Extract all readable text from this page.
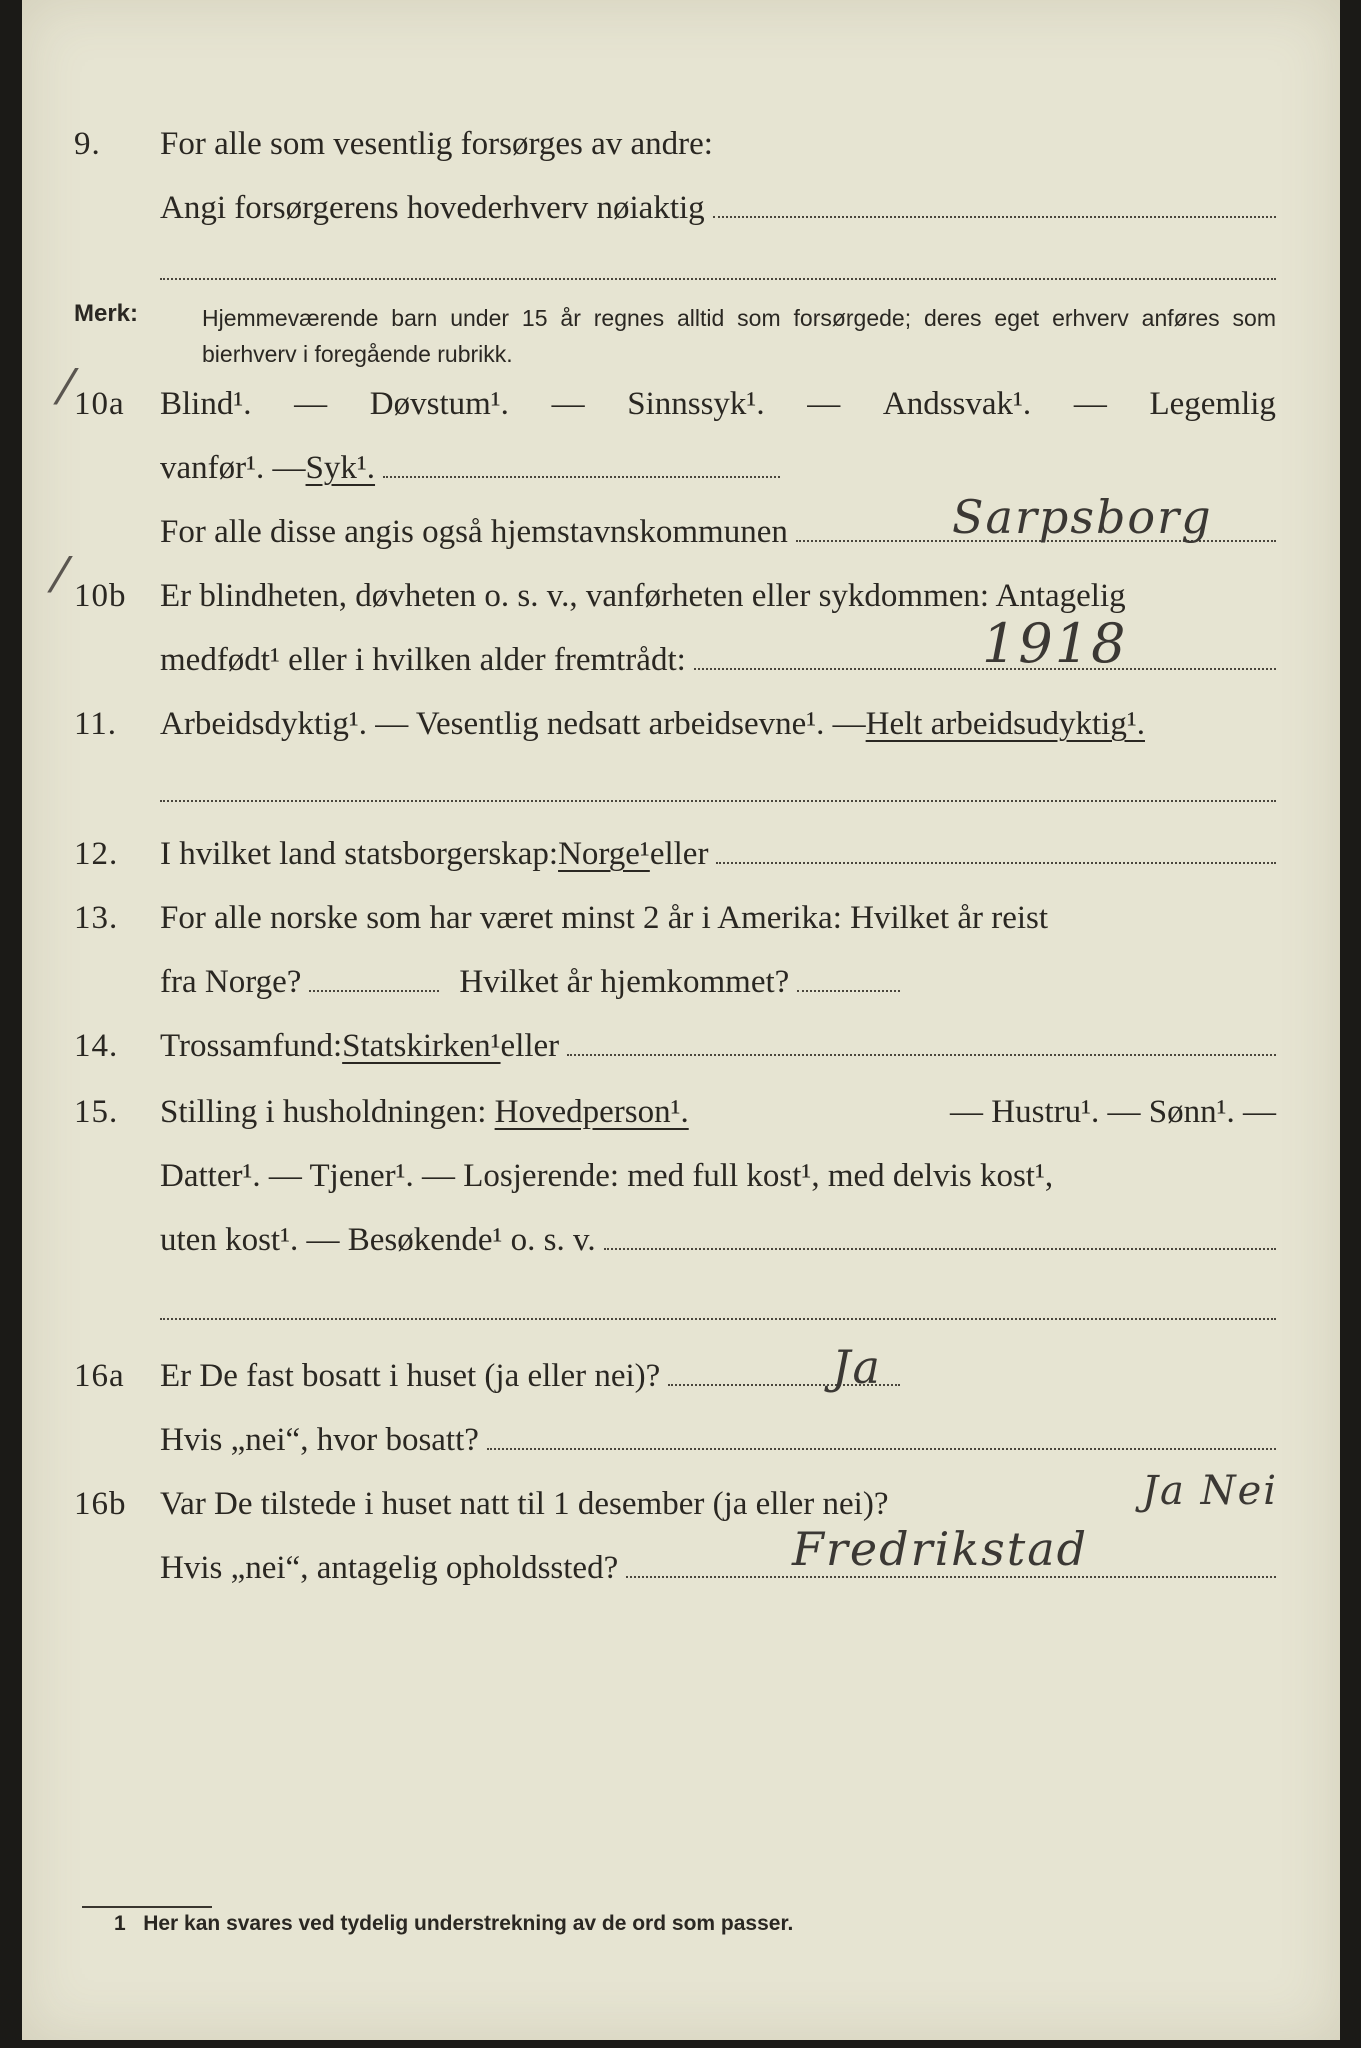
9. For alle som vesentlig forsørges av andre:
Angi forsørgerens hovederhverv nøiaktig
Merk:	Hjemmeværende barn under 15 år regnes alltid som forsørgede; deres eget erhverv anføres som bierhverv i foregående rubrikk.
10a Blind¹. — Døvstum¹. — Sinnssyk¹. — Andssvak¹. — Legemlig
vanfør¹. — Syk¹.
For alle disse angis også hjemstavnskommunen	Sarpsborg
10b Er blindheten, døvheten o. s. v., vanførheten eller sykdommen: Antagelig
medfødt¹ eller i hvilken alder fremtrådt:	1918
11. Arbeidsdyktig¹. — Vesentlig nedsatt arbeidsevne¹. — Helt arbeidsudyktig¹.
12. I hvilket land statsborgerskap: Norge¹ eller
13. For alle norske som har været minst 2 år i Amerika: Hvilket år reist
fra Norge?	Hvilket år hjemkommet?
14. Trossamfund: Statskirken¹ eller
15. Stilling i husholdningen: Hovedperson¹.	— Hustru¹. — Sønn¹. —
Datter¹. — Tjener¹. — Losjerende: med full kost¹, med delvis kost¹,
uten kost¹. — Besøkende¹ o. s. v.
16a Er De fast bosatt i huset (ja eller nei)?	Ja
Hvis „nei“, hvor bosatt?
16b Var De tilstede i huset natt til 1 desember (ja eller nei)?	Ja Nei
Hvis „nei“, antagelig opholdssted?	Fredrikstad
⁄
⁄
1 Her kan svares ved tydelig understrekning av de ord som passer.
